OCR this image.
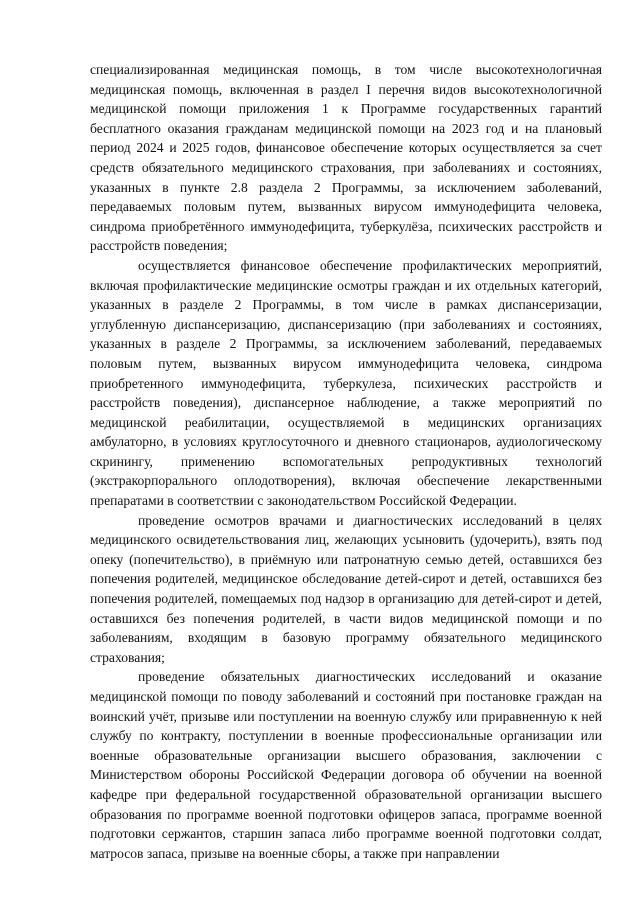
специализированная медицинская помощь, в том числе высокотехнологичная медицинская помощь, включенная в раздел I перечня видов высокотехнологичной медицинской помощи приложения 1 к Программе государственных гарантий бесплатного оказания гражданам медицинской помощи на 2023 год и на плановый период 2024 и 2025 годов, финансовое обеспечение которых осуществляется за счет средств обязательного медицинского страхования, при заболеваниях и состояниях, указанных в пункте 2.8 раздела 2 Программы, за исключением заболеваний, передаваемых половым путем, вызванных вирусом иммунодефицита человека, синдрома приобретённого иммунодефицита, туберкулёза, психических расстройств и расстройств поведения;

осуществляется финансовое обеспечение профилактических мероприятий, включая профилактические медицинские осмотры граждан и их отдельных категорий, указанных в разделе 2 Программы, в том числе в рамках диспансеризации, углубленную диспансеризацию, диспансеризацию (при заболеваниях и состояниях, указанных в разделе 2 Программы, за исключением заболеваний, передаваемых половым путем, вызванных вирусом иммунодефицита человека, синдрома приобретенного иммунодефицита, туберкулеза, психических расстройств и расстройств поведения), диспансерное наблюдение, а также мероприятий по медицинской реабилитации, осуществляемой в медицинских организациях амбулаторно, в условиях круглосуточного и дневного стационаров, аудиологическому скринингу, применению вспомогательных репродуктивных технологий (экстракорпорального оплодотворения), включая обеспечение лекарственными препаратами в соответствии с законодательством Российской Федерации.

проведение осмотров врачами и диагностических исследований в целях медицинского освидетельствования лиц, желающих усыновить (удочерить), взять под опеку (попечительство), в приёмную или патронатную семью детей, оставшихся без попечения родителей, медицинское обследование детей-сирот и детей, оставшихся без попечения родителей, помещаемых под надзор в организацию для детей-сирот и детей, оставшихся без попечения родителей, в части видов медицинской помощи и по заболеваниям, входящим в базовую программу обязательного медицинского страхования;

проведение обязательных диагностических исследований и оказание медицинской помощи по поводу заболеваний и состояний при постановке граждан на воинский учёт, призыве или поступлении на военную службу или приравненную к ней службу по контракту, поступлении в военные профессиональные организации или военные образовательные организации высшего образования, заключении с Министерством обороны Российской Федерации договора об обучении на военной кафедре при федеральной государственной образовательной организации высшего образования по программе военной подготовки офицеров запаса, программе военной подготовки сержантов, старшин запаса либо программе военной подготовки солдат, матросов запаса, призыве на военные сборы, а также при направлении
